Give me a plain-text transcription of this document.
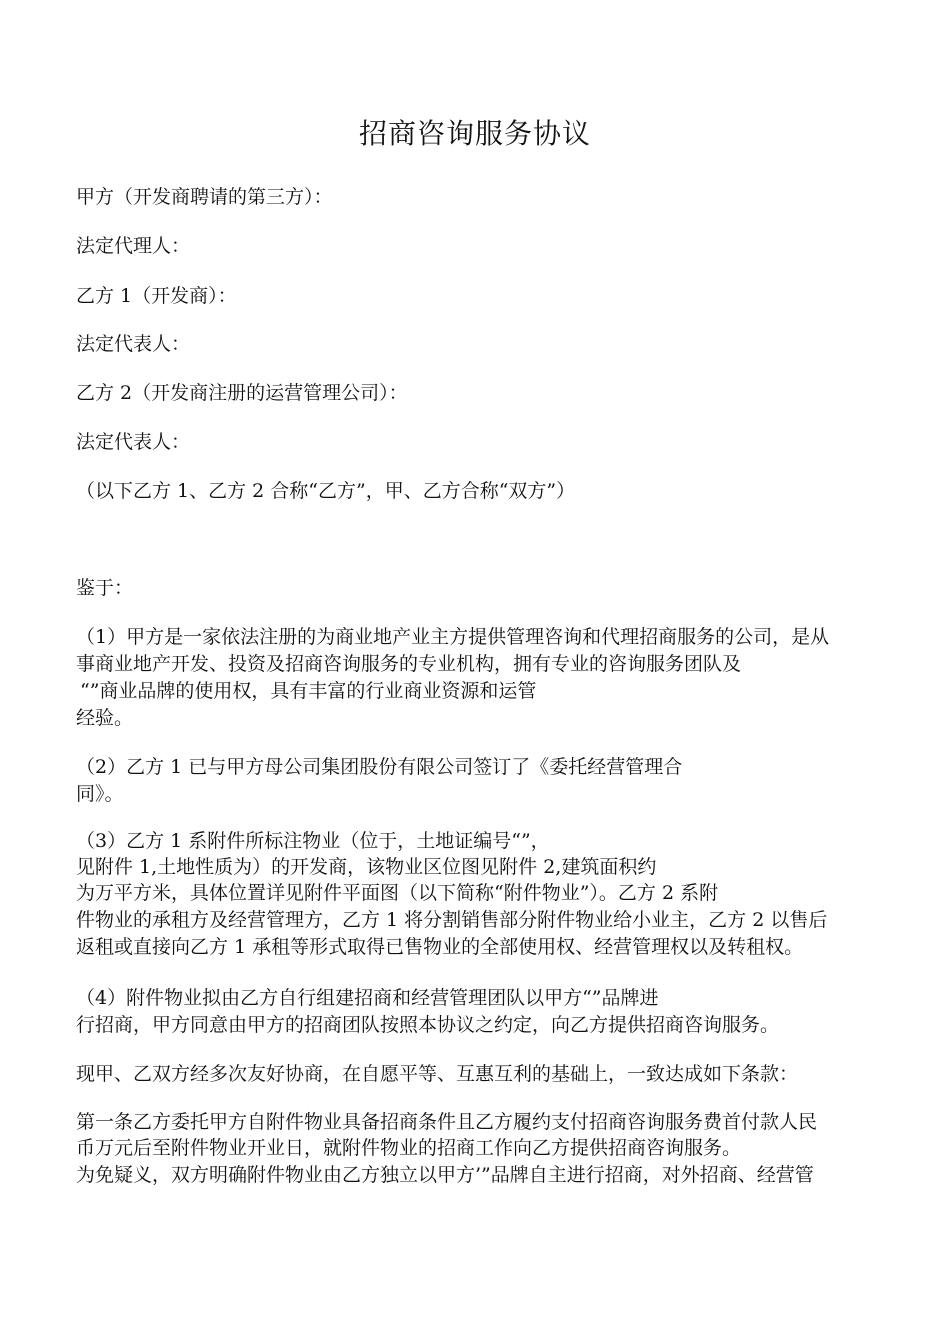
招商咨询服务协议
甲方（开发商聘请的第三方）：
法定代理人：
乙方 1（开发商）：
法定代表人：
乙方 2（开发商注册的运营管理公司）：
法定代表人：
（以下乙方 1、乙方 2 合称“乙方”，甲、乙方合称“双方”）
鉴于：
（1）甲方是一家依法注册的为商业地产业主方提供管理咨询和代理招商服务的公司，是从
事商业地产开发、投资及招商咨询服务的专业机构，拥有专业的咨询服务团队及
“”商业品牌的使用权，具有丰富的行业商业资源和运管
经验。
（2）乙方 1 已与甲方母公司集团股份有限公司签订了《委托经营管理合
同》。
（3）乙方 1 系附件所标注物业（位于，土地证编号“”，
见附件 1,土地性质为）的开发商，该物业区位图见附件 2,建筑面积约
为万平方米，具体位置详见附件平面图（以下简称“附件物业”）。乙方 2 系附
件物业的承租方及经营管理方，乙方 1 将分割销售部分附件物业给小业主，乙方 2 以售后
返租或直接向乙方 1 承租等形式取得已售物业的全部使用权、经营管理权以及转租权。
（4）附件物业拟由乙方自行组建招商和经营管理团队以甲方“”品牌进
行招商，甲方同意由甲方的招商团队按照本协议之约定，向乙方提供招商咨询服务。
现甲、乙双方经多次友好协商，在自愿平等、互惠互利的基础上，一致达成如下条款：
第一条乙方委托甲方自附件物业具备招商条件且乙方履约支付招商咨询服务费首付款人民
币万元后至附件物业开业日，就附件物业的招商工作向乙方提供招商咨询服务。
为免疑义，双方明确附件物业由乙方独立以甲方’”品牌自主进行招商，对外招商、经营管
